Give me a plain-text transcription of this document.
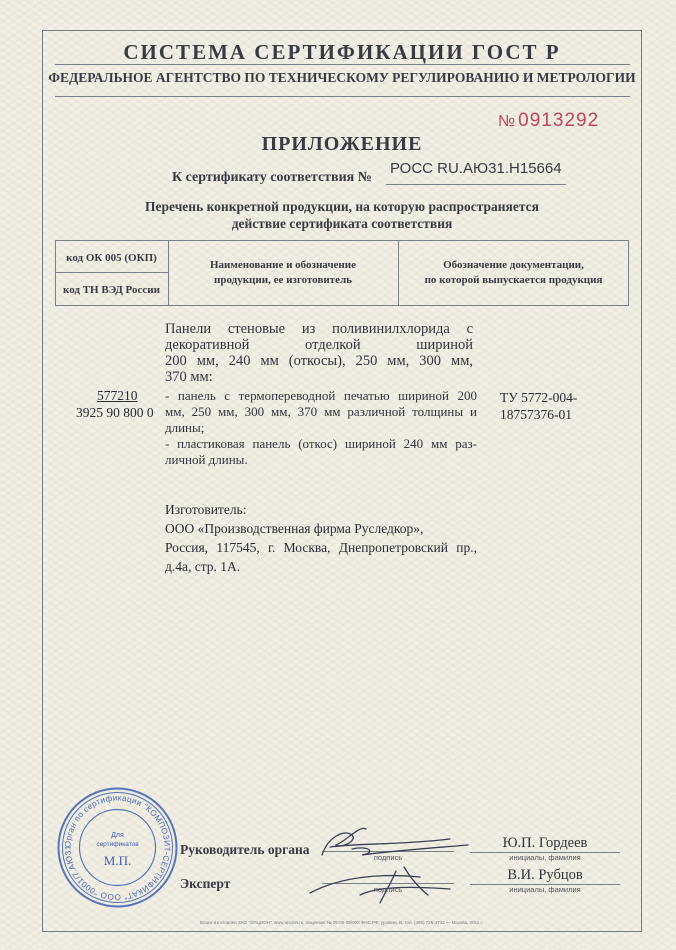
СИСТЕМА СЕРТИФИКАЦИИ ГОСТ Р
ФЕДЕРАЛЬНОЕ АГЕНТСТВО ПО ТЕХНИЧЕСКОМУ РЕГУЛИРОВАНИЮ И МЕТРОЛОГИИ
№ 0913292
ПРИЛОЖЕНИЕ
К сертификату соответствия №
РОСС RU.АЮ31.Н15664
Перечень конкретной продукции, на которую распространяется
действие сертификата соответствия
код ОК 005 (ОКП)
код ТН ВЭД России
Наименование и обозначение
продукции, ее изготовитель
Обозначение документации,
по которой выпускается продукция
577210
3925 90 800 0
Панели стеновые из поливинилхлорида с
декоративной отделкой шириной
200 мм, 240 мм (откосы), 250 мм, 300 мм,
370 мм:
- панель с термопереводной печатью шириной 200
мм, 250 мм, 300 мм, 370 мм различной толщины и
длины;
- пластиковая панель (откос) шириной 240 мм раз-
личной длины.
ТУ 5772-004-
18757376-01
Изготовитель:
ООО «Производственная фирма Руследкор»,
Россия, 117545, г. Москва, Днепропетровский пр.,
д.4а, стр. 1А.
Руководитель органа
подпись
Ю.П. Гордеев
инициалы, фамилия
Эксперт	подпись
В.И. Рубцов
инициалы, фамилия
Орган по сертификации "КОМПОЗИТ-СЕРТИФИКАТ" ООО "0001/7.АЮ31
Для
сертификатов
М.П.
Бланк изготовлен ЗАО "ОПЦИОН", www.opcion.ru, лицензия № 05-05-09/003 ФНС РФ, уровень В, тел. (495) 726-4742 — Москва, 2011 г.
